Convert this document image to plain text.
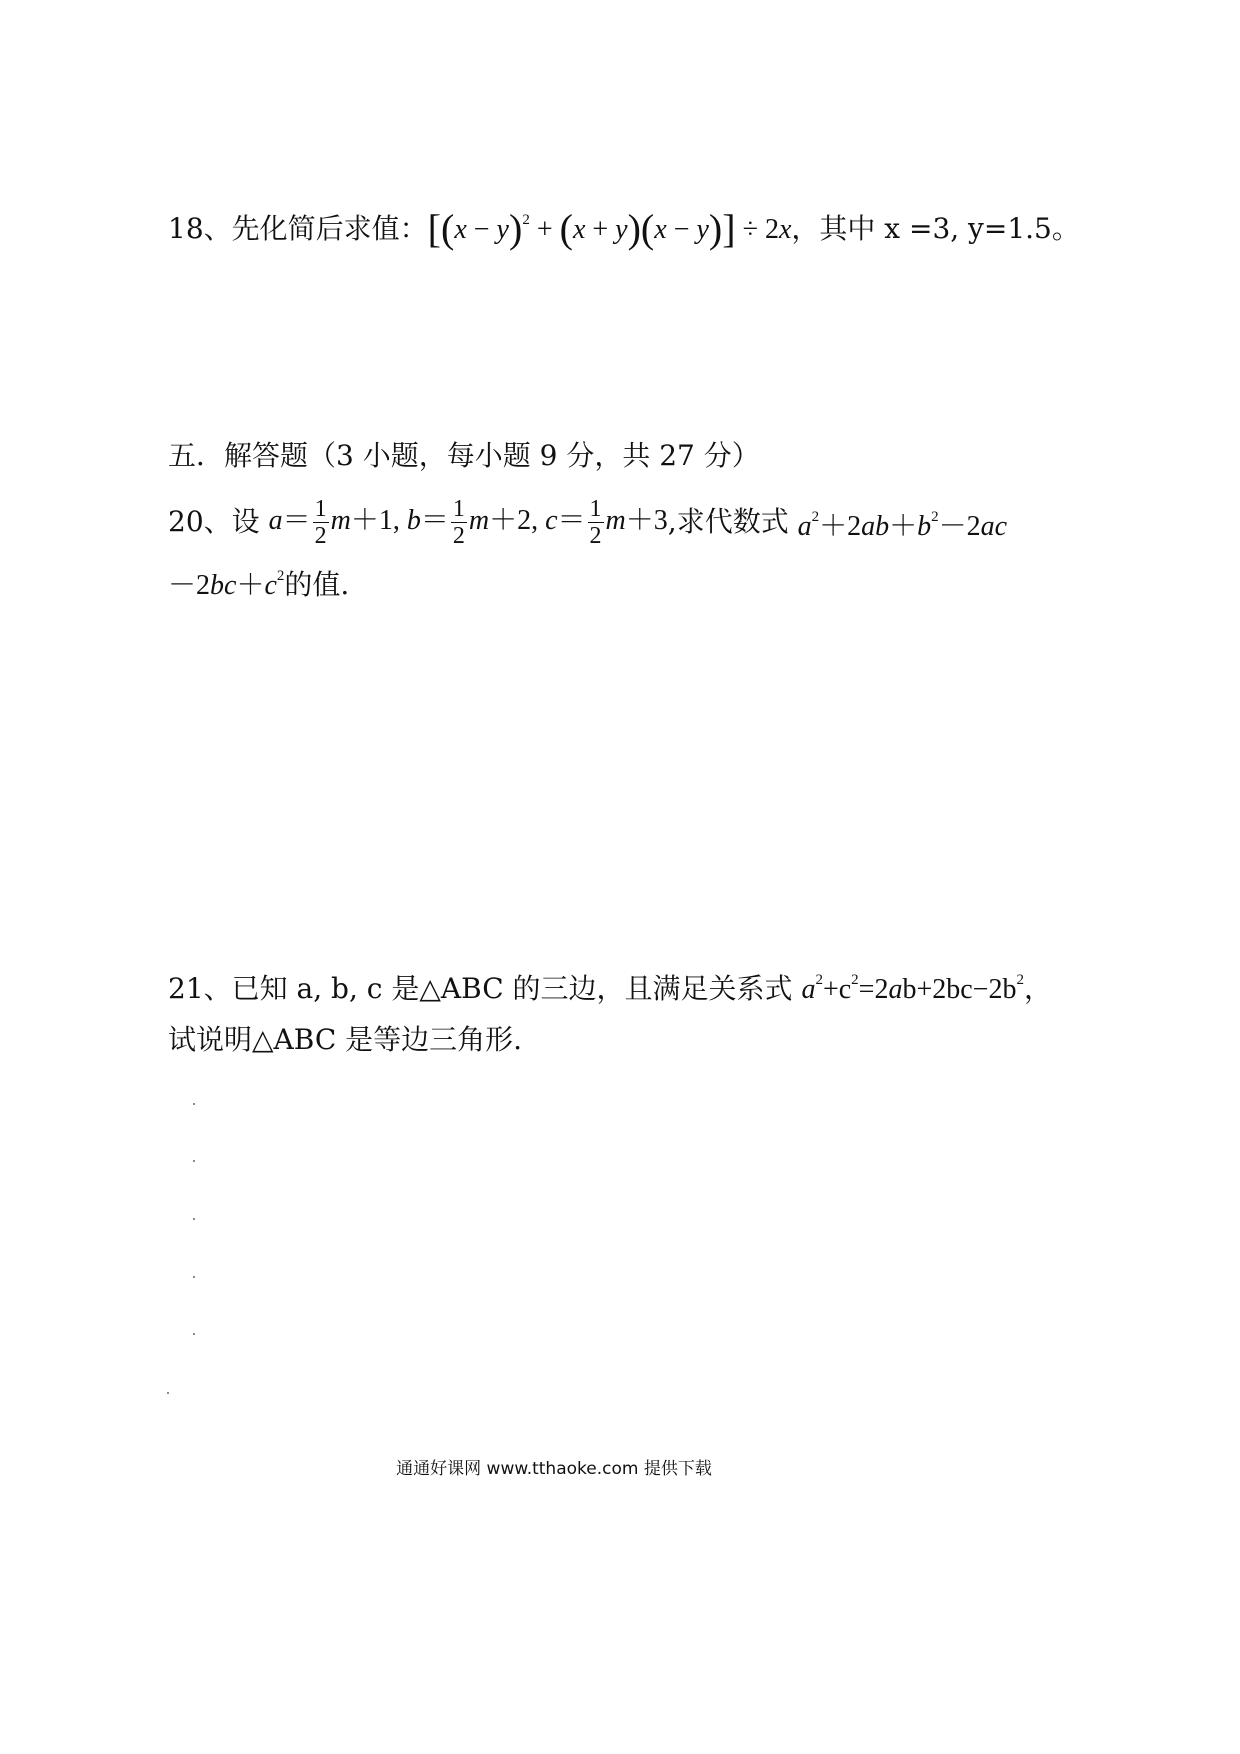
18、先化简后求值：$[(x - y)^2 + (x + y)(x - y)] \div 2x$，其中 x =3, y=1.5。
五．解答题（3 小题，每小题 9 分，共 27 分）
20、 设
$a= \frac{1}{2} m+1$, $b= \frac{1}{2} m+2$, $c= \frac{1}{2} m+3$ ,求代数式
$a^2+2ab+b^2-2ac$
$-2bc+c^2$的值.
21、已知 a, b, c 是△ABC 的三边，且满足关系式 $a^2+c^2=2ab+2bc-2b^2$，
试说明△ABC 是等边三角形.
通通好课网 www.tthaoke.com 提供下载
